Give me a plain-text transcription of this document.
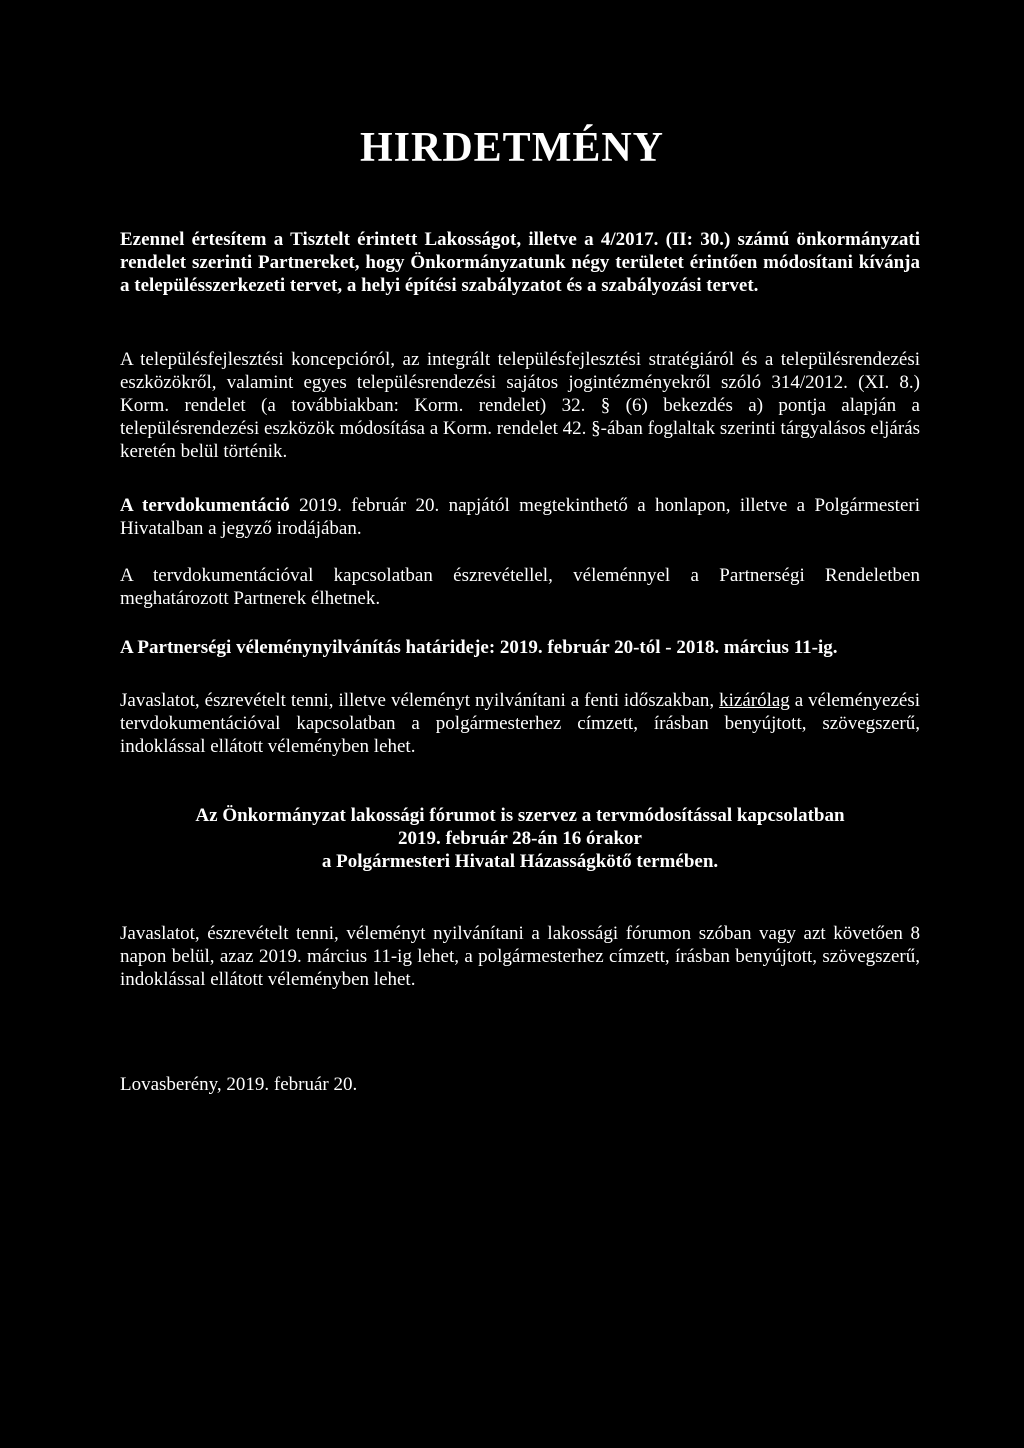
HIRDETMÉNY
Ezennel értesítem a Tisztelt érintett Lakosságot, illetve a 4/2017. (II: 30.) számú önkormányzati rendelet szerinti Partnereket, hogy Önkormányzatunk négy területet érintően módosítani kívánja a településszerkezeti tervet, a helyi építési szabályzatot és a szabályozási tervet.
A településfejlesztési koncepcióról, az integrált településfejlesztési stratégiáról és a településrendezési eszközökről, valamint egyes településrendezési sajátos jogintézményekről szóló 314/2012. (XI. 8.) Korm. rendelet (a továbbiakban: Korm. rendelet) 32. § (6) bekezdés a) pontja alapján a településrendezési eszközök módosítása a Korm. rendelet 42. §-ában foglaltak szerinti tárgyalásos eljárás keretén belül történik.
A tervdokumentáció 2019. február 20. napjától megtekinthető a honlapon, illetve a Polgármesteri Hivatalban a jegyző irodájában.
A tervdokumentációval kapcsolatban észrevétellel, véleménnyel a Partnerségi Rendeletben meghatározott Partnerek élhetnek.
A Partnerségi véleménynyilvánítás határideje: 2019. február 20-tól - 2018. március 11-ig.
Javaslatot, észrevételt tenni, illetve véleményt nyilvánítani a fenti időszakban, kizárólag a véleményezési tervdokumentációval kapcsolatban a polgármesterhez címzett, írásban benyújtott, szövegszerű, indoklással ellátott véleményben lehet.
Az Önkormányzat lakossági fórumot is szervez a tervmódosítással kapcsolatban
2019. február 28-án 16 órakor
a Polgármesteri Hivatal Házasságkötő termében.
Javaslatot, észrevételt tenni, véleményt nyilvánítani a lakossági fórumon szóban vagy azt követően 8 napon belül, azaz 2019. március 11-ig lehet, a polgármesterhez címzett, írásban benyújtott, szövegszerű, indoklással ellátott véleményben lehet.
Lovasberény, 2019. február 20.
